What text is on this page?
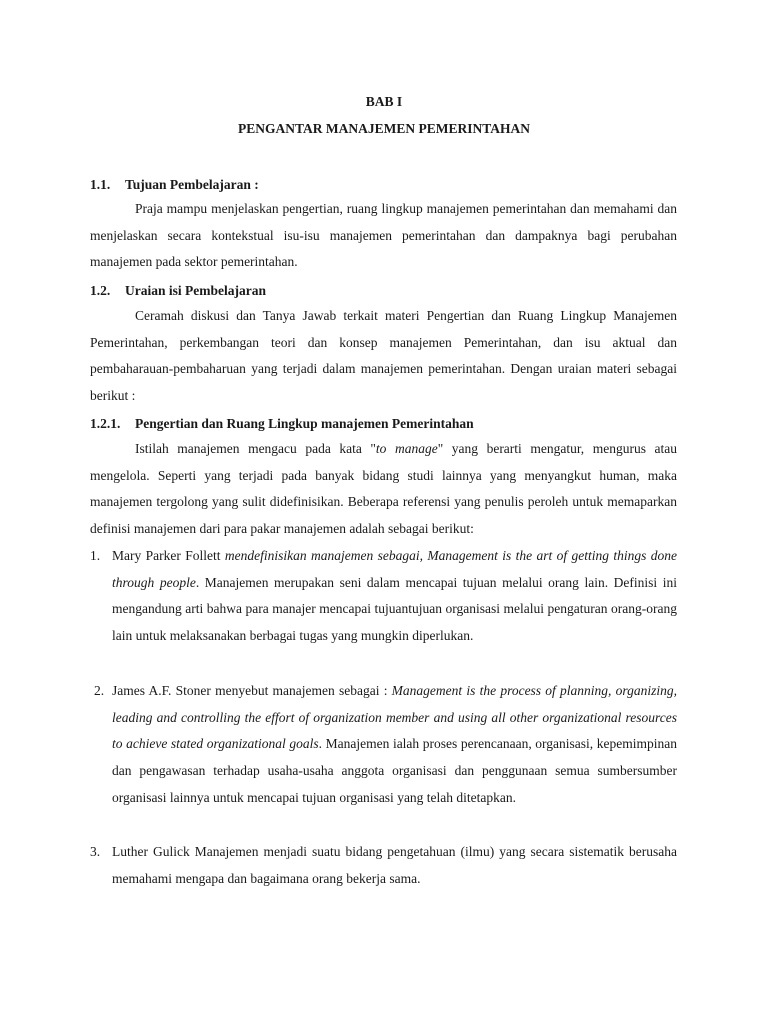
BAB I
PENGANTAR MANAJEMEN PEMERINTAHAN
1.1. Tujuan Pembelajaran :

Praja mampu menjelaskan pengertian, ruang lingkup manajemen pemerintahan dan memahami dan menjelaskan secara kontekstual isu-isu manajemen pemerintahan dan dampaknya bagi perubahan manajemen pada sektor pemerintahan.

1.2. Uraian isi Pembelajaran

Ceramah diskusi dan Tanya Jawab terkait materi Pengertian dan Ruang Lingkup Manajemen Pemerintahan, perkembangan teori dan konsep manajemen Pemerintahan, dan isu aktual dan pembaharauan-pembaharuan yang terjadi dalam manajemen pemerintahan. Dengan uraian materi sebagai berikut :

1.2.1. Pengertian dan Ruang Lingkup manajemen Pemerintahan

Istilah manajemen mengacu pada kata "to manage" yang berarti mengatur, mengurus atau mengelola. Seperti yang terjadi pada banyak bidang studi lainnya yang menyangkut human, maka manajemen tergolong yang sulit didefinisikan. Beberapa referensi yang penulis peroleh untuk memaparkan definisi manajemen dari para pakar manajemen adalah sebagai berikut:

1. Mary Parker Follett mendefinisikan manajemen sebagai, Management is the art of getting things done through people. Manajemen merupakan seni dalam mencapai tujuan melalui orang lain. Definisi ini mengandung arti bahwa para manajer mencapai tujuantujuan organisasi melalui pengaturan orang-orang lain untuk melaksanakan berbagai tugas yang mungkin diperlukan.
2. James A.F. Stoner menyebut manajemen sebagai : Management is the process of planning, organizing, leading and controlling the effort of organization member and using all other organizational resources to achieve stated organizational goals. Manajemen ialah proses perencanaan, organisasi, kepemimpinan dan pengawasan terhadap usaha-usaha anggota organisasi dan penggunaan semua sumbersumber organisasi lainnya untuk mencapai tujuan organisasi yang telah ditetapkan.
3. Luther Gulick Manajemen menjadi suatu bidang pengetahuan (ilmu) yang secara sistematik berusaha memahami mengapa dan bagaimana orang bekerja sama.
